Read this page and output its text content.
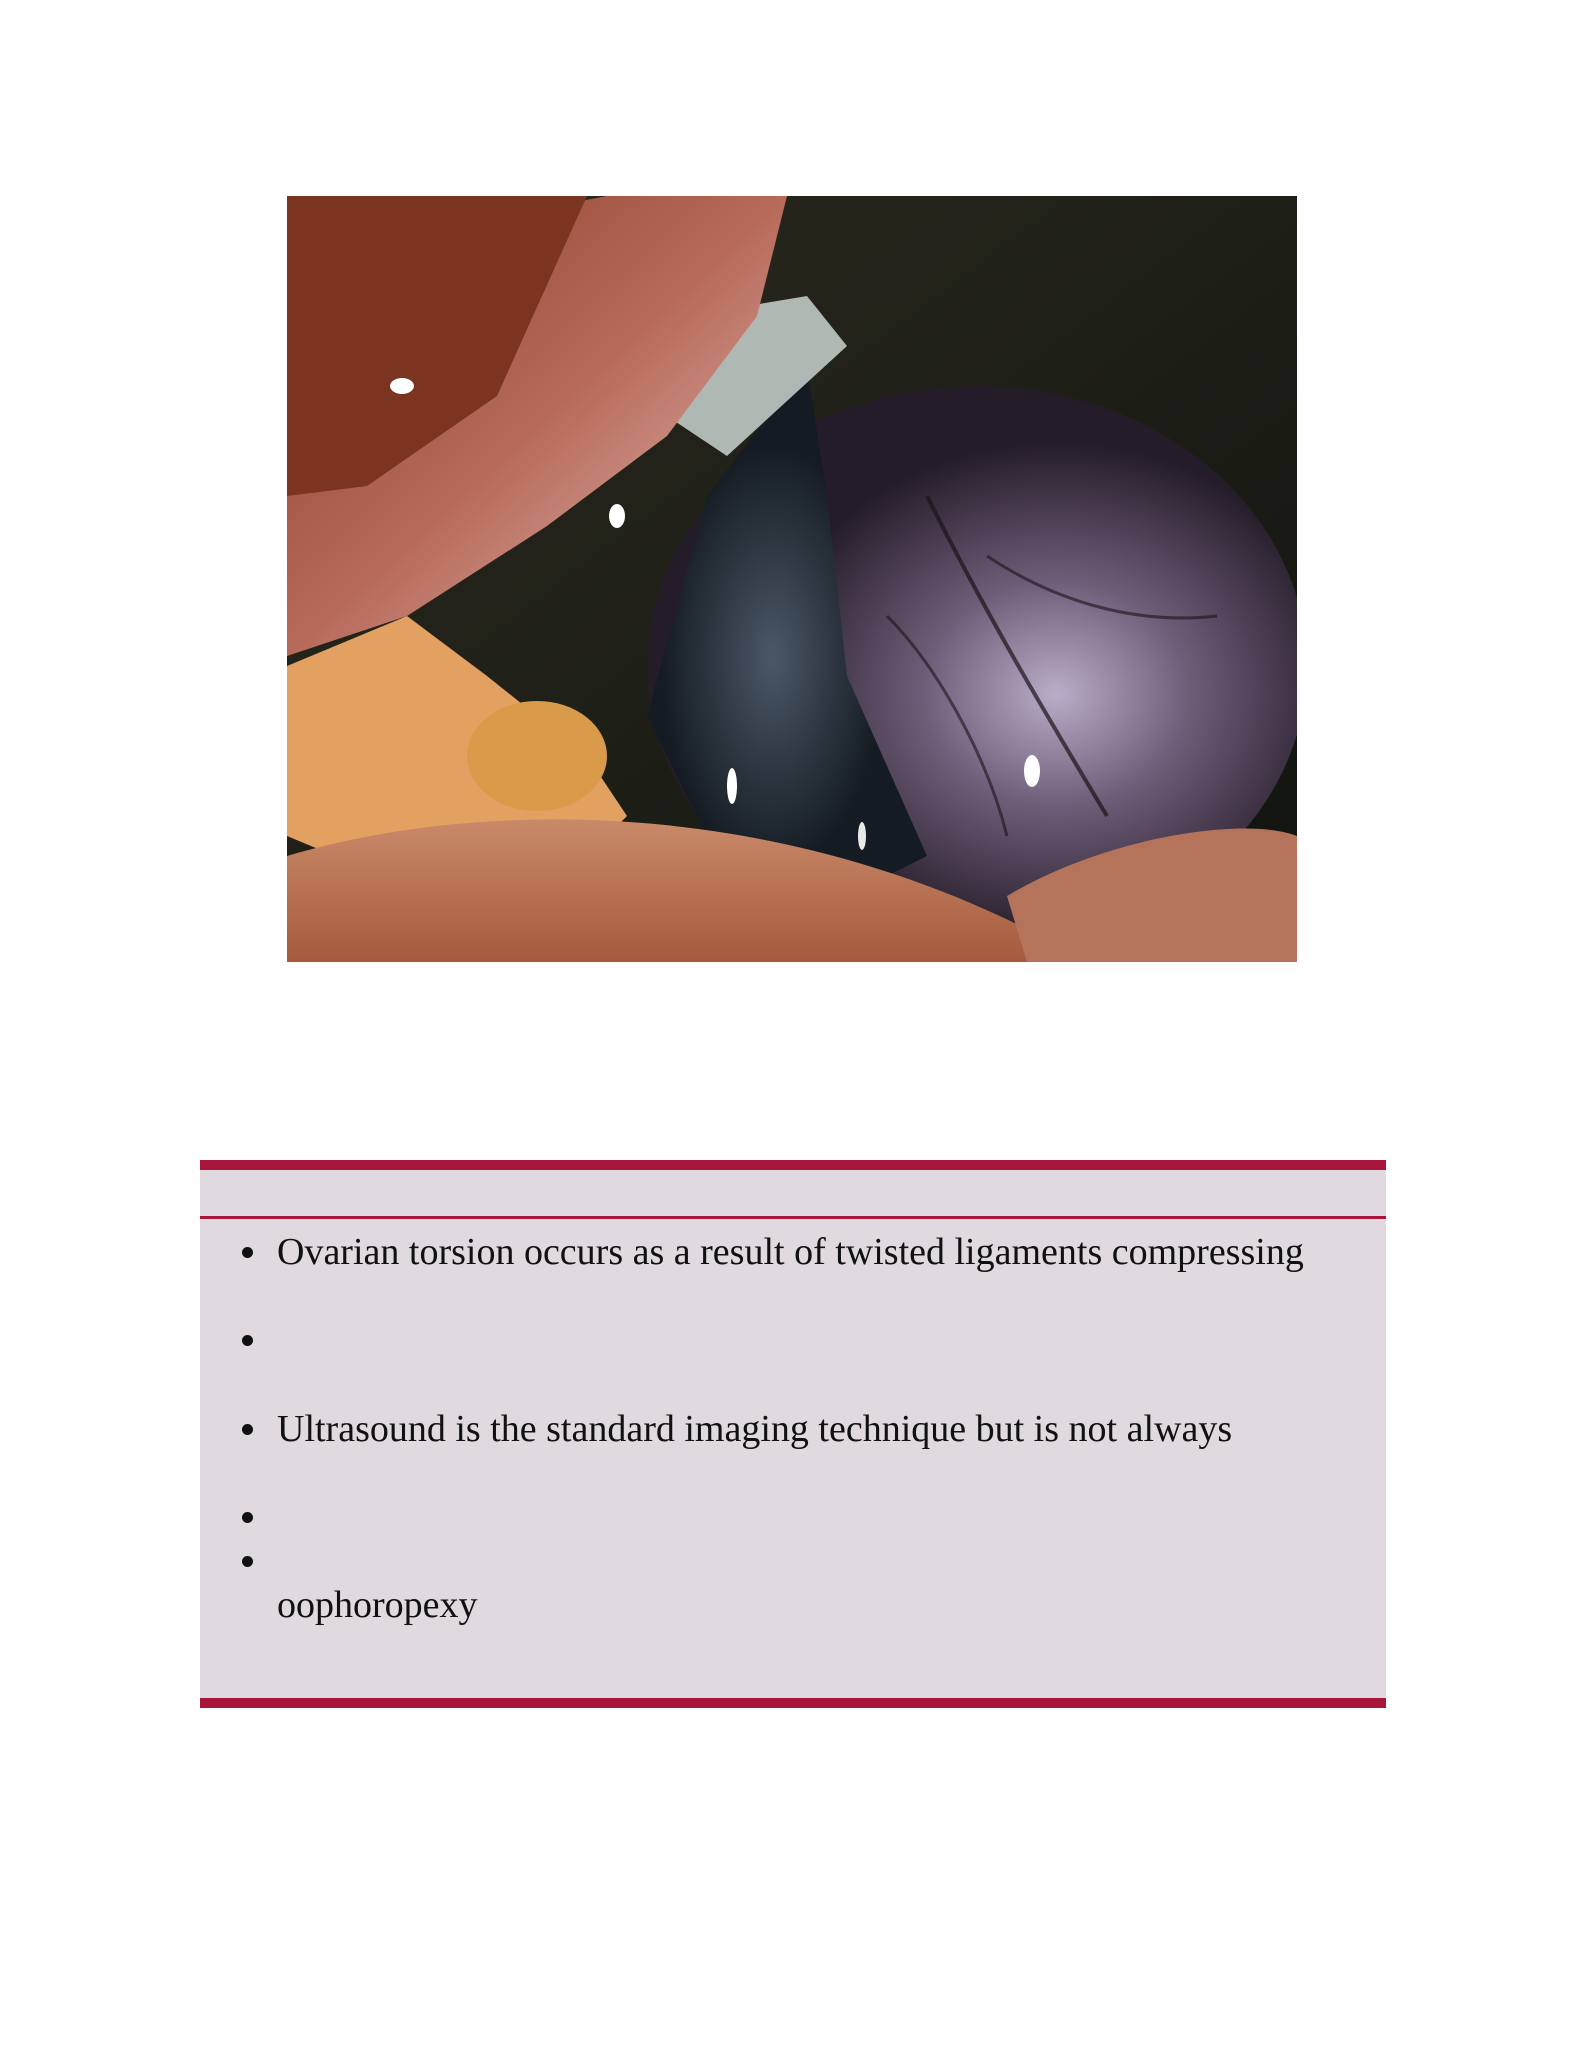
Ovarian torsion occurs as a result of twisted ligaments compressing
Ultrasound is the standard imaging technique but is not always
oophoropexy
